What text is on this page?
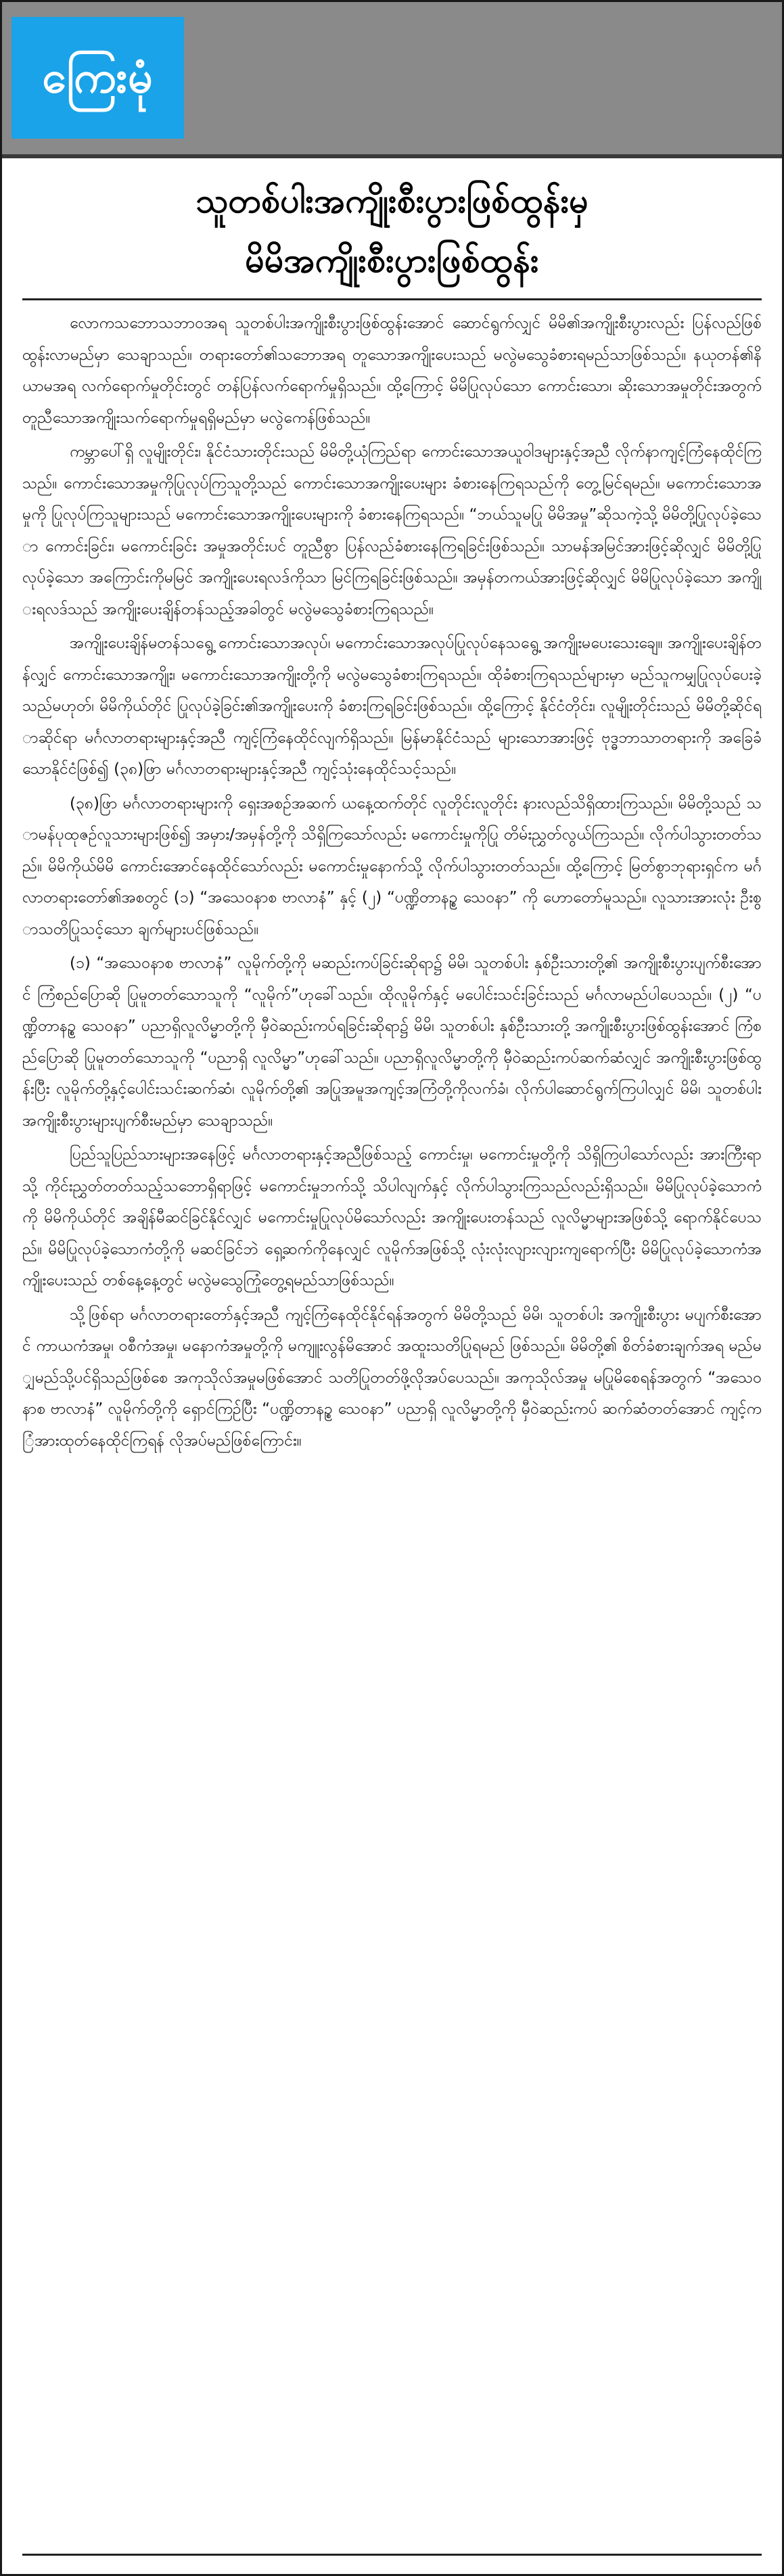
ကြေးမုံ
သူတစ်ပါးအကျိုးစီးပွားဖြစ်ထွန်းမှ
မိမိအကျိုးစီးပွားဖြစ်ထွန်း

လောကသဘောသဘာဝအရ သူတစ်ပါးအကျိုးစီးပွားဖြစ်ထွန်းအောင် ဆောင်ရွက်လျှင် မိမိ၏အကျိုးစီးပွားလည်း ပြန်လည်ဖြစ်ထွန်းလာမည်မှာ သေချာသည်။ တရားတော်၏သဘောအရ တူသောအကျိုးပေးသည် မလွဲမသွေခံစားရမည်သာဖြစ်သည်။ နယုတန်၏နိယာမအရ လက်ရောက်မှုတိုင်းတွင် တန်ပြန်လက်ရောက်မှုရှိသည်။ ထို့ကြောင့် မိမိပြုလုပ်သော ကောင်းသော၊ ဆိုးသောအမှုတိုင်းအတွက် တူညီသောအကျိုးသက်ရောက်မှုရရှိမည်မှာ မလွဲကေန်ဖြစ်သည်။

ကမ္ဘာပေါ်ရှိ လူမျိုးတိုင်း၊ နိုင်ငံသားတိုင်းသည် မိမိတို့ယုံကြည်ရာ ကောင်းသောအယူဝါဒများနှင့်အညီ လိုက်နာကျင့်ကြံနေထိုင်ကြသည်။ ကောင်းသောအမှုကိုပြုလုပ်ကြသူတို့သည် ကောင်းသောအကျိုးပေးများ ခံစားနေကြရသည်ကို တွေ့မြင်ရမည်။ မကောင်းသောအမှုကို ပြုလုပ်ကြသူများသည် မကောင်းသောအကျိုးပေးများကို ခံစားနေကြရသည်။ “ဘယ်သူမပြု မိမိအမှု”ဆိုသကဲ့သို့ မိမိတို့ပြုလုပ်ခဲ့သော ကောင်းခြင်း၊ မကောင်းခြင်း အမှုအတိုင်းပင် တူညီစွာ ပြန်လည်ခံစားနေကြရခြင်းဖြစ်သည်။ သာမန်အမြင်အားဖြင့်ဆိုလျှင် မိမိတို့ပြုလုပ်ခဲ့သော အကြောင်းကိုမမြင် အကျိုးပေးရလဒ်ကိုသာ မြင်ကြရခြင်းဖြစ်သည်။ အမှန်တကယ်အားဖြင့်ဆိုလျှင် မိမိပြုလုပ်ခဲ့သော အကျိုးရလဒ်သည် အကျိုးပေးချိန်တန်သည့်အခါတွင် မလွဲမသွေခံစားကြရသည်။

အကျိုးပေးချိန်မတန်သရွေ့ ကောင်းသောအလုပ်၊ မကောင်းသောအလုပ်ပြုလုပ်နေသရွေ့ အကျိုးမပေးသေးချေ။ အကျိုးပေးချိန်တန်လျှင် ကောင်းသောအကျိုး၊ မကောင်းသောအကျိုးတို့ကို မလွဲမသွေခံစားကြရသည်။ ထိုခံစားကြရသည်များမှာ မည်သူကမျှပြုလုပ်ပေးခဲ့သည်မဟုတ်၊ မိမိကိုယ်တိုင် ပြုလုပ်ခဲ့ခြင်း၏အကျိုးပေးကို ခံစားကြရခြင်းဖြစ်သည်။ ထို့ကြောင့် နိုင်ငံတိုင်း၊ လူမျိုးတိုင်းသည် မိမိတို့ဆိုင်ရာဆိုင်ရာ မင်္ဂလာတရားများနှင့်အညီ ကျင့်ကြံနေထိုင်လျက်ရှိသည်။ မြန်မာနိုင်ငံသည် များသောအားဖြင့် ဗုဒ္ဓဘာသာတရားကို အခြေခံသောနိုင်ငံဖြစ်၍ (၃၈)ဖြာ မင်္ဂလာတရားများနှင့်အညီ ကျင့်သုံးနေထိုင်သင့်သည်။

(၃၈)ဖြာ မင်္ဂလာတရားများကို ရှေးအစဉ်အဆက် ယနေ့ထက်တိုင် လူတိုင်းလူတိုင်း နားလည်သိရှိထားကြသည်။ မိမိတို့သည် သာမန်ပုထုဇဉ်လူသားများဖြစ်၍ အမှား/အမှန်တို့ကို သိရှိကြသော်လည်း မကောင်းမှုကိုပြု တိမ်းညွှတ်လွယ်ကြသည်။ လိုက်ပါသွားတတ်သည်။ မိမိကိုယ်မိမိ ကောင်းအောင်နေထိုင်သော်လည်း မကောင်းမှုနောက်သို့ လိုက်ပါသွားတတ်သည်။ ထို့ကြောင့် မြတ်စွာဘုရားရှင်က မင်္ဂလာတရားတော်၏အစတွင် (၁) “အသေဝနာစ ဗာလာနံ” နှင့် (၂) “ပဏ္ဍိတာနဉ္စ သေဝနာ” ကို ဟောတော်မူသည်။ လူသားအားလုံး ဦးစွာသတိပြုသင့်သော ချက်များပင်ဖြစ်သည်။

(၁) “အသေဝနာစ ဗာလာနံ” လူမိုက်တို့ကို မဆည်းကပ်ခြင်းဆိုရာ၌ မိမိ၊ သူတစ်ပါး နှစ်ဦးသားတို့၏ အကျိုးစီးပွားပျက်စီးအောင် ကြံစည်ပြောဆို ပြုမူတတ်သောသူကို “လူမိုက်”ဟုခေါ်သည်။ ထိုလူမိုက်နှင့် မပေါင်းသင်းခြင်းသည် မင်္ဂလာမည်ပါပေသည်။ (၂) “ပဏ္ဍိတာနဉ္စ သေဝနာ” ပညာရှိလူလိမ္မာတို့ကို မှီဝဲဆည်းကပ်ရခြင်းဆိုရာ၌ မိမိ၊ သူတစ်ပါး နှစ်ဦးသားတို့ အကျိုးစီးပွားဖြစ်ထွန်းအောင် ကြံစည်ပြောဆို ပြုမူတတ်သောသူကို “ပညာရှိ လူလိမ္မာ”ဟုခေါ်သည်။ ပညာရှိလူလိမ္မာတို့ကို မှီဝဲဆည်းကပ်ဆက်ဆံလျှင် အကျိုးစီးပွားဖြစ်ထွန်းပြီး လူမိုက်တို့နှင့်ပေါင်းသင်းဆက်ဆံ၊ လူမိုက်တို့၏ အပြုအမူအကျင့်အကြံတို့ကိုလက်ခံ၊ လိုက်ပါဆောင်ရွက်ကြပါလျှင် မိမိ၊ သူတစ်ပါး အကျိုးစီးပွားများပျက်စီးမည်မှာ သေချာသည်။

ပြည်သူပြည်သားများအနေဖြင့် မင်္ဂလာတရားနှင့်အညီဖြစ်သည့် ကောင်းမှု၊ မကောင်းမှုတို့ကို သိရှိကြပါသော်လည်း အားကြီးရာသို့ ကိုင်းညွှတ်တတ်သည့်သဘောရှိရာဖြင့် မကောင်းမှုဘက်သို့ သိပါလျက်နှင့် လိုက်ပါသွားကြသည်လည်းရှိသည်။ မိမိပြုလုပ်ခဲ့သောကံကို မိမိကိုယ်တိုင် အချိန်မီဆင်ခြင်နိုင်လျှင် မကောင်းမှုပြုလုပ်မိသော်လည်း အကျိုးပေးတန်သည် လူလိမ္မာများအဖြစ်သို့ ရောက်နိုင်ပေသည်။ မိမိပြုလုပ်ခဲ့သောကံတို့ကို မဆင်ခြင်ဘဲ ရှေ့ဆက်ကိုနေလျှင် လူမိုက်အဖြစ်သို့ လုံးလုံးလျားလျားကျရောက်ပြီး မိမိပြုလုပ်ခဲ့သောကံအကျိုးပေးသည် တစ်နေ့နေ့တွင် မလွဲမသွေကြုံတွေ့ရမည်သာဖြစ်သည်။

သို့ဖြစ်ရာ မင်္ဂလာတရားတော်နှင့်အညီ ကျင့်ကြံနေထိုင်နိုင်ရန်အတွက် မိမိတို့သည် မိမိ၊ သူတစ်ပါး အကျိုးစီးပွား မပျက်စီးအောင် ကာယကံအမှု၊ ဝစီကံအမှု၊ မနောကံအမှုတို့ကို မကျူးလွန်မိအောင် အထူးသတိပြုရမည် ဖြစ်သည်။ မိမိတို့၏ စိတ်ခံစားချက်အရ မည်မျှမည်သို့ပင်ရှိသည်ဖြစ်စေ အကုသိုလ်အမှုမဖြစ်အောင် သတိပြုတတ်ဖို့လိုအပ်ပေသည်။ အကုသိုလ်အမှု မပြုမိစေရန်အတွက် “အသေဝနာစ ဗာလာနံ” လူမိုက်တို့ကို ရှောင်ကြဉ်ပြီး “ပဏ္ဍိတာနဉ္စ သေဝနာ” ပညာရှိ လူလိမ္မာတို့ကို မှီဝဲဆည်းကပ် ဆက်ဆံတတ်အောင် ကျင့်ကြံအားထုတ်နေထိုင်ကြရန် လိုအပ်မည်ဖြစ်ကြောင်း။
